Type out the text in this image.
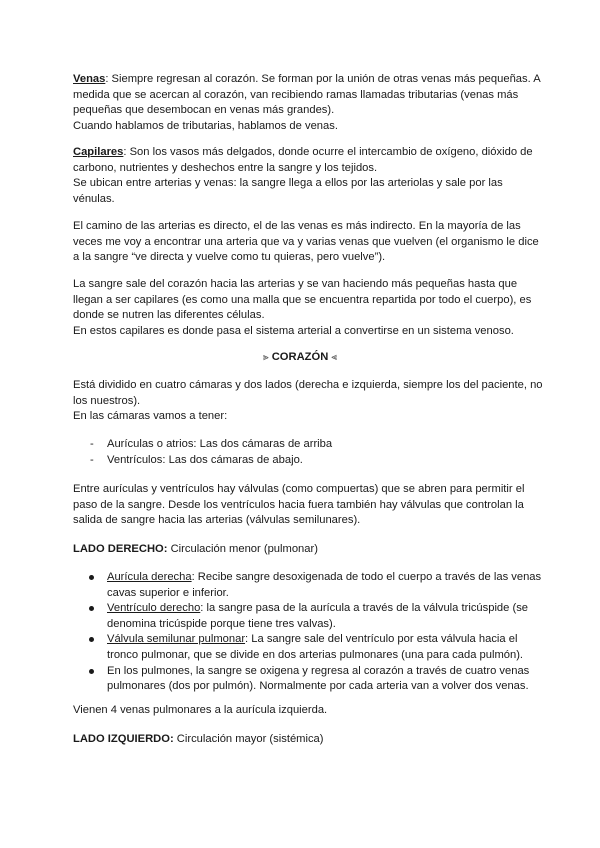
Venas: Siempre regresan al corazón. Se forman por la unión de otras venas más pequeñas. A medida que se acercan al corazón, van recibiendo ramas llamadas tributarias (venas más pequeñas que desembocan en venas más grandes).

Cuando hablamos de tributarias, hablamos de venas.

Capilares: Son los vasos más delgados, donde ocurre el intercambio de oxígeno, dióxido de carbono, nutrientes y deshechos entre la sangre y los tejidos.

Se ubican entre arterias y venas: la sangre llega a ellos por las arteriolas y sale por las vénulas.

El camino de las arterias es directo, el de las venas es más indirecto. En la mayoría de las veces me voy a encontrar una arteria que va y varias venas que vuelven (el organismo le dice a la sangre “ve directa y vuelve como tu quieras, pero vuelve”).

La sangre sale del corazón hacia las arterias y se van haciendo más pequeñas hasta que llegan a ser capilares (es como una malla que se encuentra repartida por todo el cuerpo), es donde se nutren las diferentes células.

En estos capilares es donde pasa el sistema arterial a convertirse en un sistema venoso.

⫸ CORAZÓN ⫷

Está dividido en cuatro cámaras y dos lados (derecha e izquierda, siempre los del paciente, no los nuestros).

En las cámaras vamos a tener:

- Aurículas o atrios: Las dos cámaras de arriba
- Ventrículos: Las dos cámaras de abajo.

Entre aurículas y ventrículos hay válvulas (como compuertas) que se abren para permitir el paso de la sangre. Desde los ventrículos hacia fuera también hay válvulas que controlan la salida de sangre hacia las arterias (válvulas semilunares).

LADO DERECHO: Circulación menor (pulmonar)

Aurícula derecha: Recibe sangre desoxigenada de todo el cuerpo a través de las venas cavas superior e inferior.
Ventrículo derecho: la sangre pasa de la aurícula a través de la válvula tricúspide (se denomina tricúspide porque tiene tres valvas).
Válvula semilunar pulmonar: La sangre sale del ventrículo por esta válvula hacia el tronco pulmonar, que se divide en dos arterias pulmonares (una para cada pulmón).
En los pulmones, la sangre se oxigena y regresa al corazón a través de cuatro venas pulmonares (dos por pulmón). Normalmente por cada arteria van a volver dos venas.

Vienen 4 venas pulmonares a la aurícula izquierda.

LADO IZQUIERDO: Circulación mayor (sistémica)
